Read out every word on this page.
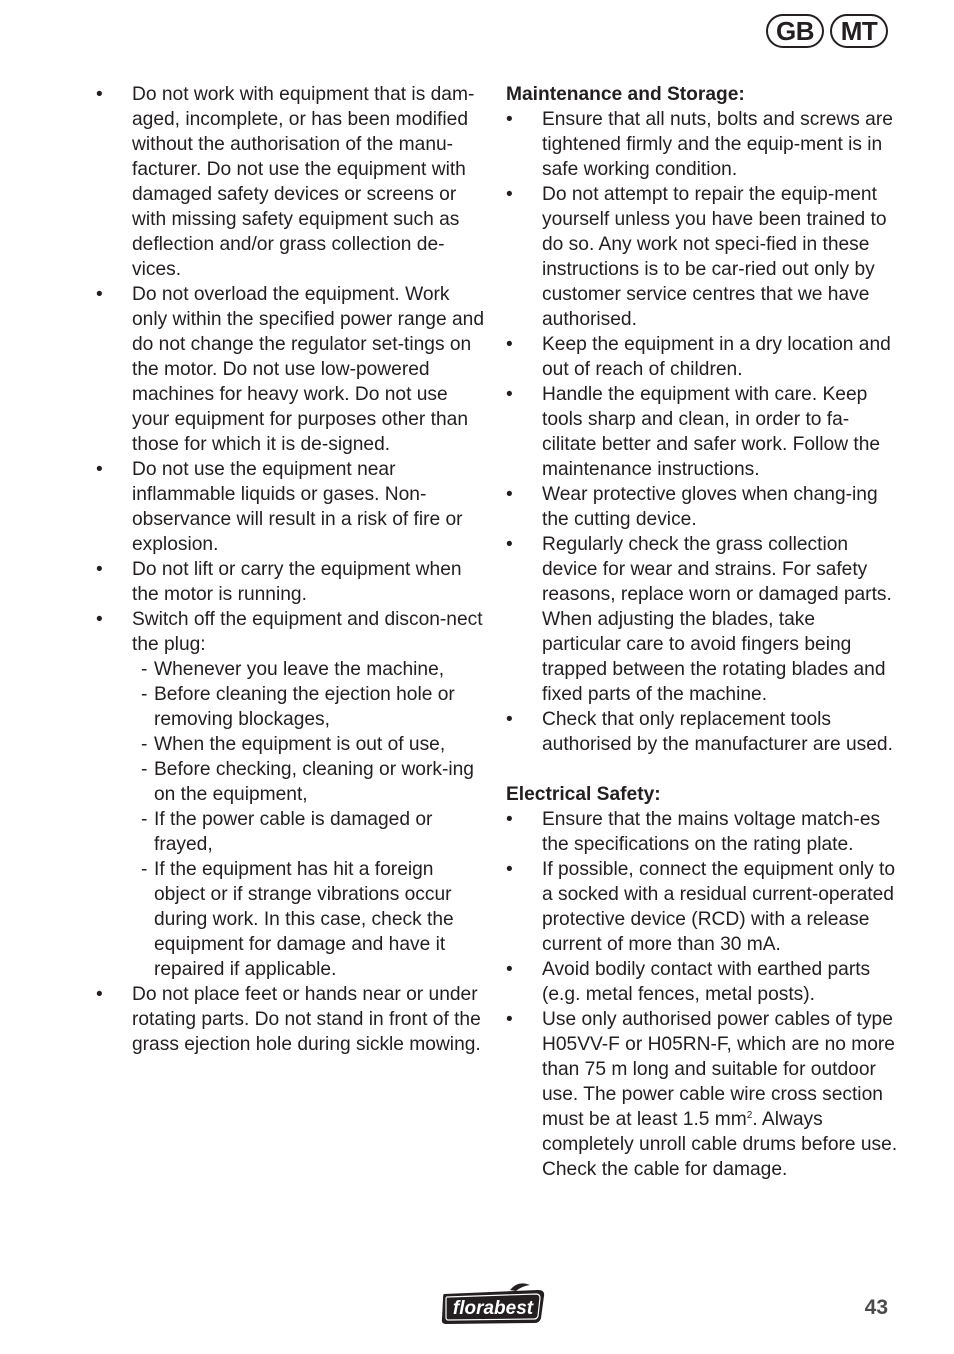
GB	MT
•	Do not work with equipment that is dam-aged, incomplete, or has been modified without the authorisation of the manu-facturer. Do not use the equipment with damaged safety devices or screens or with missing safety equipment such as deflection and/or grass collection de-vices.
•	Do not overload the equipment. Work only within the specified power range and do not change the regulator set-tings on the motor. Do not use low-powered machines for heavy work. Do not use your equipment for purposes other than those for which it is de-signed.
•	Do not use the equipment near inflammable liquids or gases. Non-observance will result in a risk of fire or explosion.
•	Do not lift or carry the equipment when the motor is running.
•	Switch off the equipment and discon-nect the plug:
- Whenever you leave the machine,
- Before cleaning the ejection hole or removing blockages,
- When the equipment is out of use,
- Before checking, cleaning or work-ing on the equipment,
- If the power cable is damaged or frayed,
- If the equipment has hit a foreign object or if strange vibrations occur during work. In this case, check the equipment for damage and have it repaired if applicable.
•	Do not place feet or hands near or under rotating parts. Do not stand in front of the grass ejection hole during sickle mowing.
Maintenance and Storage:
•	Ensure that all nuts, bolts and screws are tightened firmly and the equip-ment is in safe working condition.
•	Do not attempt to repair the equip-ment yourself unless you have been trained to do so. Any work not speci-fied in these instructions is to be car-ried out only by customer service centres that we have authorised.
•	Keep the equipment in a dry location and out of reach of children.
•	Handle the equipment with care. Keep tools sharp and clean, in order to fa-cilitate better and safer work. Follow the maintenance instructions.
•	Wear protective gloves when chang-ing the cutting device.
•	Regularly check the grass collection device for wear and strains. For safety reasons, replace worn or damaged parts. When adjusting the blades, take particular care to avoid fingers being trapped between the rotating blades and fixed parts of the machine.
•	Check that only replacement tools authorised by the manufacturer are used.
Electrical Safety:
•	Ensure that the mains voltage match-es the specifications on the rating plate.
•	If possible, connect the equipment only to a socked with a residual current-operated protective device (RCD) with a release current of more than 30 mA.
•	Avoid bodily contact with earthed parts (e.g. metal fences, metal posts).
•	Use only authorised power cables of type H05VV-F or H05RN-F, which are no more than 75 m long and suitable for outdoor use. The power cable wire cross section must be at least 1.5 $mm^2$. Always completely unroll cable drums before use. Check the cable for damage.
florabest	43
